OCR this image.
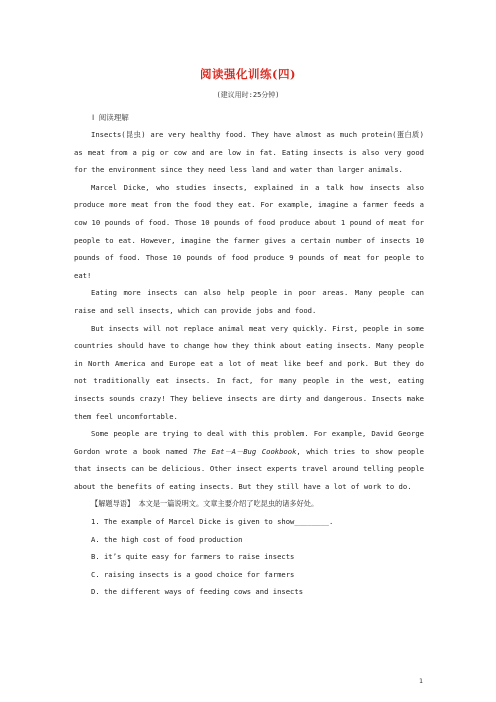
阅读强化训练(四)
(建议用时:25分钟)
Ⅰ 阅读理解

Insects(昆虫) are very healthy food. They have almost as much protein(蛋白质) as meat from a pig or cow and are low in fat. Eating insects is also very good for the environment since they need less land and water than larger animals.

Marcel Dicke, who studies insects, explained in a talk how insects also produce more meat from the food they eat. For example, imagine a farmer feeds a cow 10 pounds of food. Those 10 pounds of food produce about 1 pound of meat for people to eat. However, imagine the farmer gives a certain number of insects 10 pounds of food. Those 10 pounds of food produce 9 pounds of meat for people to eat!

Eating more insects can also help people in poor areas. Many people can raise and sell insects, which can provide jobs and food.

But insects will not replace animal meat very quickly. First, people in some countries should have to change how they think about eating insects. Many people in North America and Europe eat a lot of meat like beef and pork. But they do not traditionally eat insects. In fact, for many people in the west, eating insects sounds crazy! They believe insects are dirty and dangerous. Insects make them feel uncomfortable.

Some people are trying to deal with this problem. For example, David George Gordon wrote a book named The Eat－A－Bug Cookbook, which tries to show people that insects can be delicious. Other insect experts travel around telling people about the benefits of eating insects. But they still have a lot of work to do.

【解题导语】 本文是一篇说明文。文章主要介绍了吃昆虫的诸多好处。

1. The example of Marcel Dicke is given to show________.

A. the high cost of food production

B. it’s quite easy for farmers to raise insects

C. raising insects is a good choice for farmers

D. the different ways of feeding cows and insects

1
